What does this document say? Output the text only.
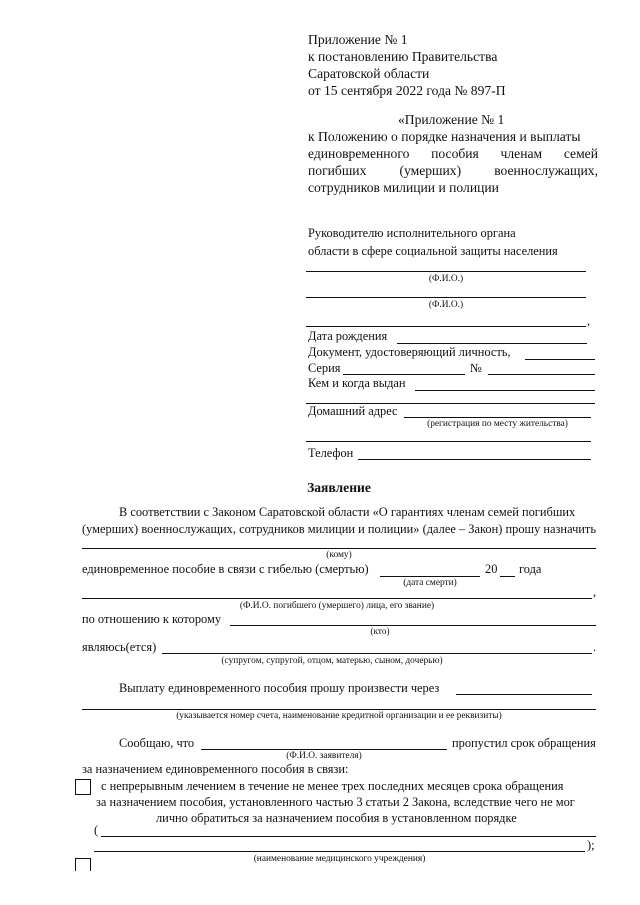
Приложение № 1
к постановлению Правительства
Саратовской области
от 15 сентября 2022 года № 897-П
«Приложение № 1
к Положению о порядке назначения и выплаты
единовременного пособия членам семей
погибших (умерших) военнослужащих,
сотрудников милиции и полиции
Руководителю исполнительного органа
области в сфере социальной защиты населения
(Ф.И.О.)
(Ф.И.О.)
,
Дата рождения
Документ, удостоверяющий личность,
Серия	№
Кем и когда выдан
Домашний адрес
(регистрация по месту жительства)
Телефон
Заявление
В соответствии с Законом Саратовской области «О гарантиях членам семей погибших
(умерших) военнослужащих, сотрудников милиции и полиции» (далее – Закон) прошу назначить
(кому)
единовременное пособие в связи с гибелью (смертью)	20 года
(дата смерти)
,
(Ф.И.О. погибшего (умершего) лица, его звание)
по отношению к которому
(кто)
являюсь(ется)	.
(супругом, супругой, отцом, матерью, сыном, дочерью)
Выплату единовременного пособия прошу произвести через
(указывается номер счета, наименование кредитной организации и ее реквизиты)
Сообщаю, что	пропустил срок обращения
(Ф.И.О. заявителя)
за назначением единовременного пособия в связи:
с непрерывным лечением в течение не менее трех последних месяцев срока обращения
за назначением пособия, установленного частью 3 статьи 2 Закона, вследствие чего не мог
лично обратиться за назначением пособия в установленном порядке
(
);
(наименование медицинского учреждения)
